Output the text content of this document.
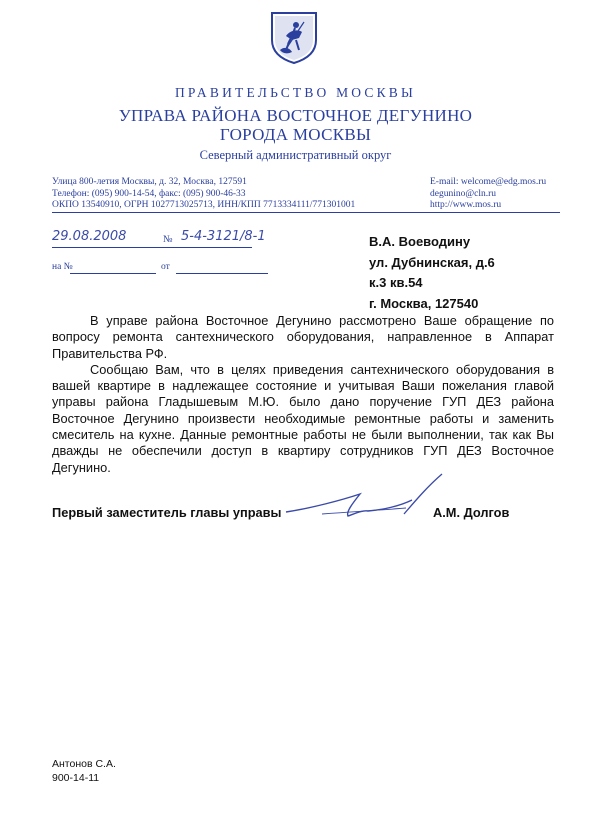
ПРАВИТЕЛЬСТВО МОСКВЫ
УПРАВА РАЙОНА ВОСТОЧНОЕ ДЕГУНИНО
ГОРОДА МОСКВЫ
Северный административный округ
Улица 800-летия Москвы, д. 32, Москва, 127591
Телефон: (095) 900-14-54, факс: (095) 900-46-33
ОКПО 13540910, ОГРН 1027713025713, ИНН/КПП 7713334111/771301001
E-mail: welcome@edg.mos.ru
degunino@cln.ru
http://www.mos.ru
29.08.2008	№ 5-4-3121/8-1
на №	от
В.А. Воеводину
ул. Дубнинская, д.6
к.3 кв.54
г. Москва, 127540

В управе района Восточное Дегунино рассмотрено Ваше обращение по вопросу ремонта сантехнического оборудования, направленное в Аппарат Правительства РФ.

Сообщаю Вам, что в целях приведения сантехнического оборудования в вашей квартире в надлежащее состояние и учитывая Ваши пожелания главой управы района Гладышевым М.Ю. было дано поручение ГУП ДЕЗ района Восточное Дегунино произвести необходимые ремонтные работы и заменить смеситель на кухне. Данные ремонтные работы не были выполнении, так как Вы дважды не обеспечили доступ в квартиру сотрудников ГУП ДЕЗ Восточное Дегунино.

Первый заместитель главы управы	А.М. Долгов
Антонов С.А.
900-14-11
